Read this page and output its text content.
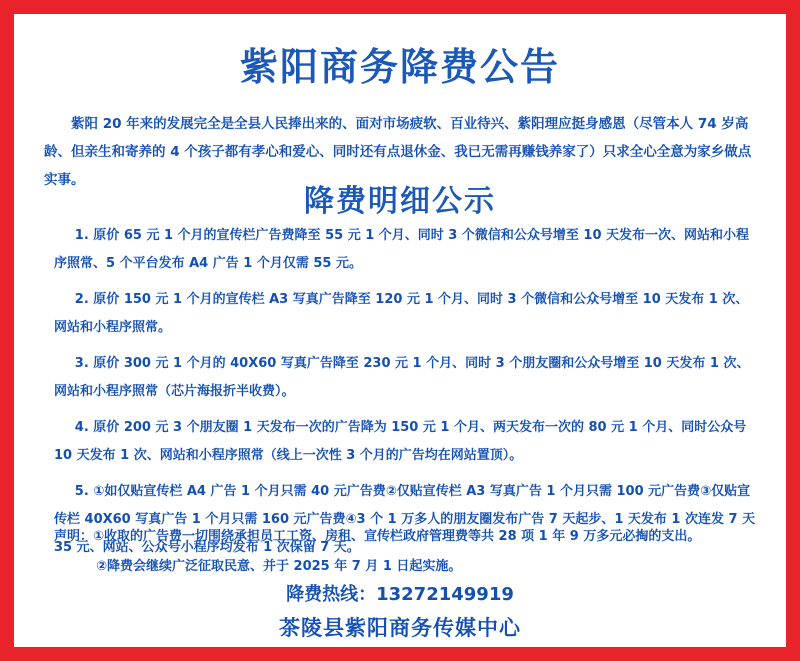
紫阳商务降费公告
紫阳 20 年来的发展完全是全县人民捧出来的、面对市场疲软、百业待兴、紫阳理应挺身感恩（尽管本人 74 岁高龄、但亲生和寄养的 4 个孩子都有孝心和爱心、同时还有点退休金、我已无需再赚钱养家了）只求全心全意为家乡做点实事。
降费明细公示
1. 原价 65 元 1 个月的宣传栏广告费降至 55 元 1 个月、同时 3 个微信和公众号增至 10 天发布一次、网站和小程序照常、5 个平台发布 A4 广告 1 个月仅需 55 元。
2. 原价 150 元 1 个月的宣传栏 A3 写真广告降至 120 元 1 个月、同时 3 个微信和公众号增至 10 天发布 1 次、网站和小程序照常。
3. 原价 300 元 1 个月的 40X60 写真广告降至 230 元 1 个月、同时 3 个朋友圈和公众号增至 10 天发布 1 次、网站和小程序照常（芯片海报折半收费）。
4. 原价 200 元 3 个朋友圈 1 天发布一次的广告降为 150 元 1 个月、两天发布一次的 80 元 1 个月、同时公众号 10 天发布 1 次、网站和小程序照常（线上一次性 3 个月的广告均在网站置顶）。
5. ①如仅贴宣传栏 A4 广告 1 个月只需 40 元广告费②仅贴宣传栏 A3 写真广告 1 个月只需 100 元广告费③仅贴宣传栏 40X60 写真广告 1 个月只需 160 元广告费④3 个 1 万多人的朋友圈发布广告 7 天起步、1 天发布 1 次连发 7 天 35 元、网站、公众号小程序均发布 1 次保留 7 天。
声明：①收取的广告费一切围绕承担员工工资、房租、宣传栏政府管理费等共 28 项 1 年 9 万多元必掏的支出。
②降费会继续广泛征取民意、并于 2025 年 7 月 1 日起实施。
降费热线：13272149919
茶陵县紫阳商务传媒中心
